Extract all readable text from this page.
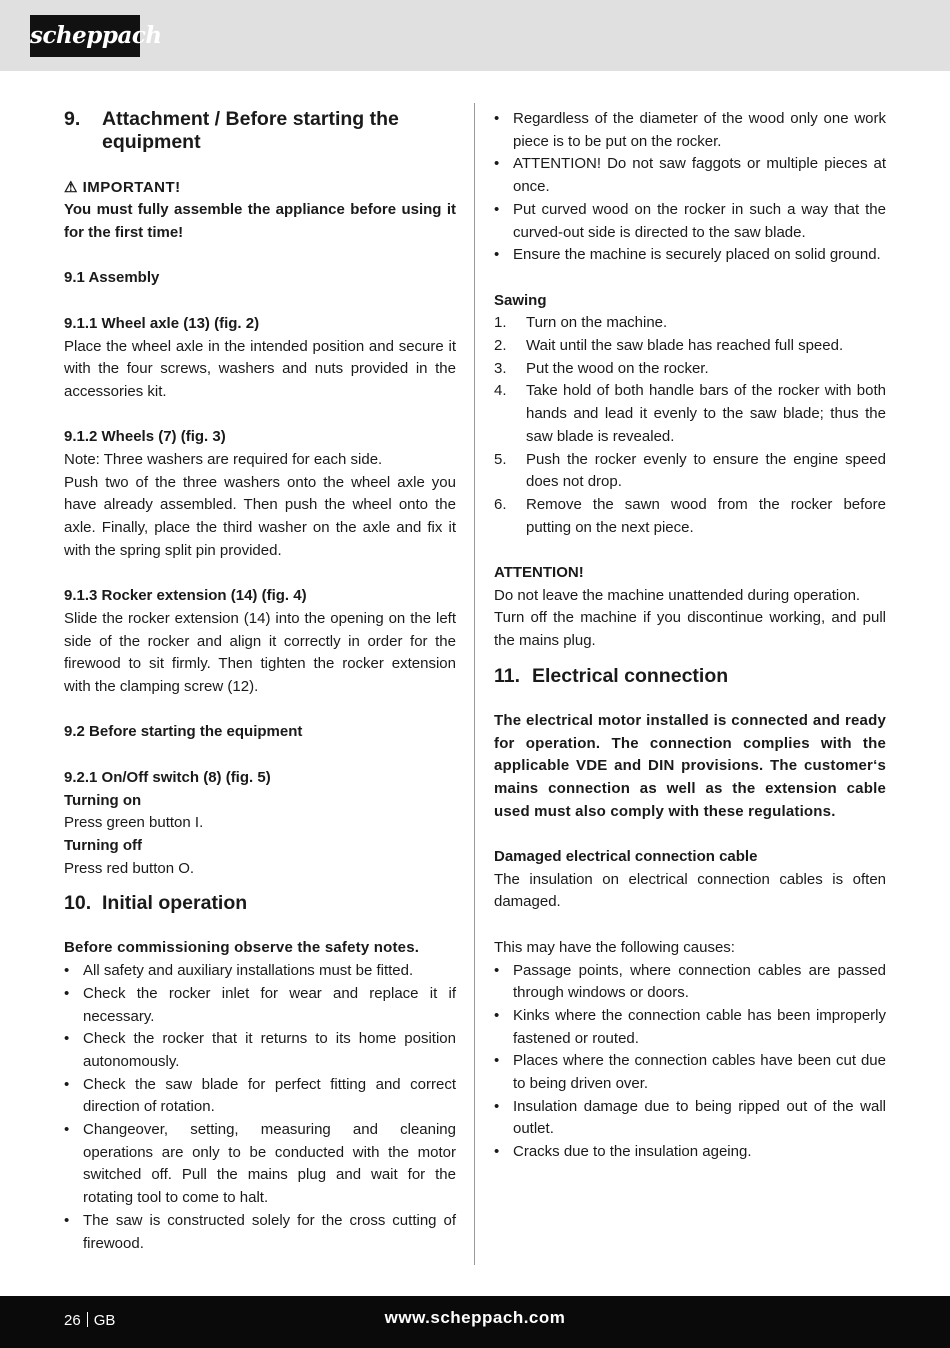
scheppach
9.	Attachment / Before starting the equipment

⚠ IMPORTANT!

You must fully assemble the appliance before using it for the first time!

9.1 Assembly

9.1.1 Wheel axle (13) (fig. 2)

Place the wheel axle in the intended position and secure it with the four screws, washers and nuts provided in the accessories kit.

9.1.2 Wheels (7) (fig. 3)

Note: Three washers are required for each side.

Push two of the three washers onto the wheel axle you have already assembled. Then push the wheel onto the axle. Finally, place the third washer on the axle and fix it with the spring split pin provided.

9.1.3 Rocker extension (14) (fig. 4)

Slide the rocker extension (14) into the opening on the left side of the rocker and align it correctly in order for the firewood to sit firmly. Then tighten the rocker extension with the clamping screw (12).

9.2 Before starting the equipment

9.2.1 On/Off switch (8) (fig. 5)

Turning on

Press green button I.

Turning off

Press red button O.

10. Initial operation

Before commissioning observe the safety notes.

• All safety and auxiliary installations must be fitted.
• Check the rocker inlet for wear and replace it if necessary.
• Check the rocker that it returns to its home position autonomously.
• Check the saw blade for perfect fitting and correct direction of rotation.
• Changeover, setting, measuring and cleaning operations are only to be conducted with the motor switched off. Pull the mains plug and wait for the rotating tool to come to halt.
• The saw is constructed solely for the cross cutting of firewood.
• Regardless of the diameter of the wood only one work piece is to be put on the rocker.
• ATTENTION! Do not saw faggots or multiple pieces at once.
• Put curved wood on the rocker in such a way that the curved-out side is directed to the saw blade.
• Ensure the machine is securely placed on solid ground.

Sawing

1. Turn on the machine.
2. Wait until the saw blade has reached full speed.
3. Put the wood on the rocker.
4. Take hold of both handle bars of the rocker with both hands and lead it evenly to the saw blade; thus the saw blade is revealed.
5. Push the rocker evenly to ensure the engine speed does not drop.
6. Remove the sawn wood from the rocker before putting on the next piece.

ATTENTION!

Do not leave the machine unattended during operation.

Turn off the machine if you discontinue working, and pull the mains plug.

11. Electrical connection

The electrical motor installed is connected and ready for operation. The connection complies with the applicable VDE and DIN provisions. The customer‘s mains connection as well as the extension cable used must also comply with these regulations.

Damaged electrical connection cable

The insulation on electrical connection cables is often damaged.

This may have the following causes:

• Passage points, where connection cables are passed through windows or doors.
• Kinks where the connection cable has been improperly fastened or routed.
• Places where the connection cables have been cut due to being driven over.
• Insulation damage due to being ripped out of the wall outlet.
• Cracks due to the insulation ageing.
26 GB	www.scheppach.com
